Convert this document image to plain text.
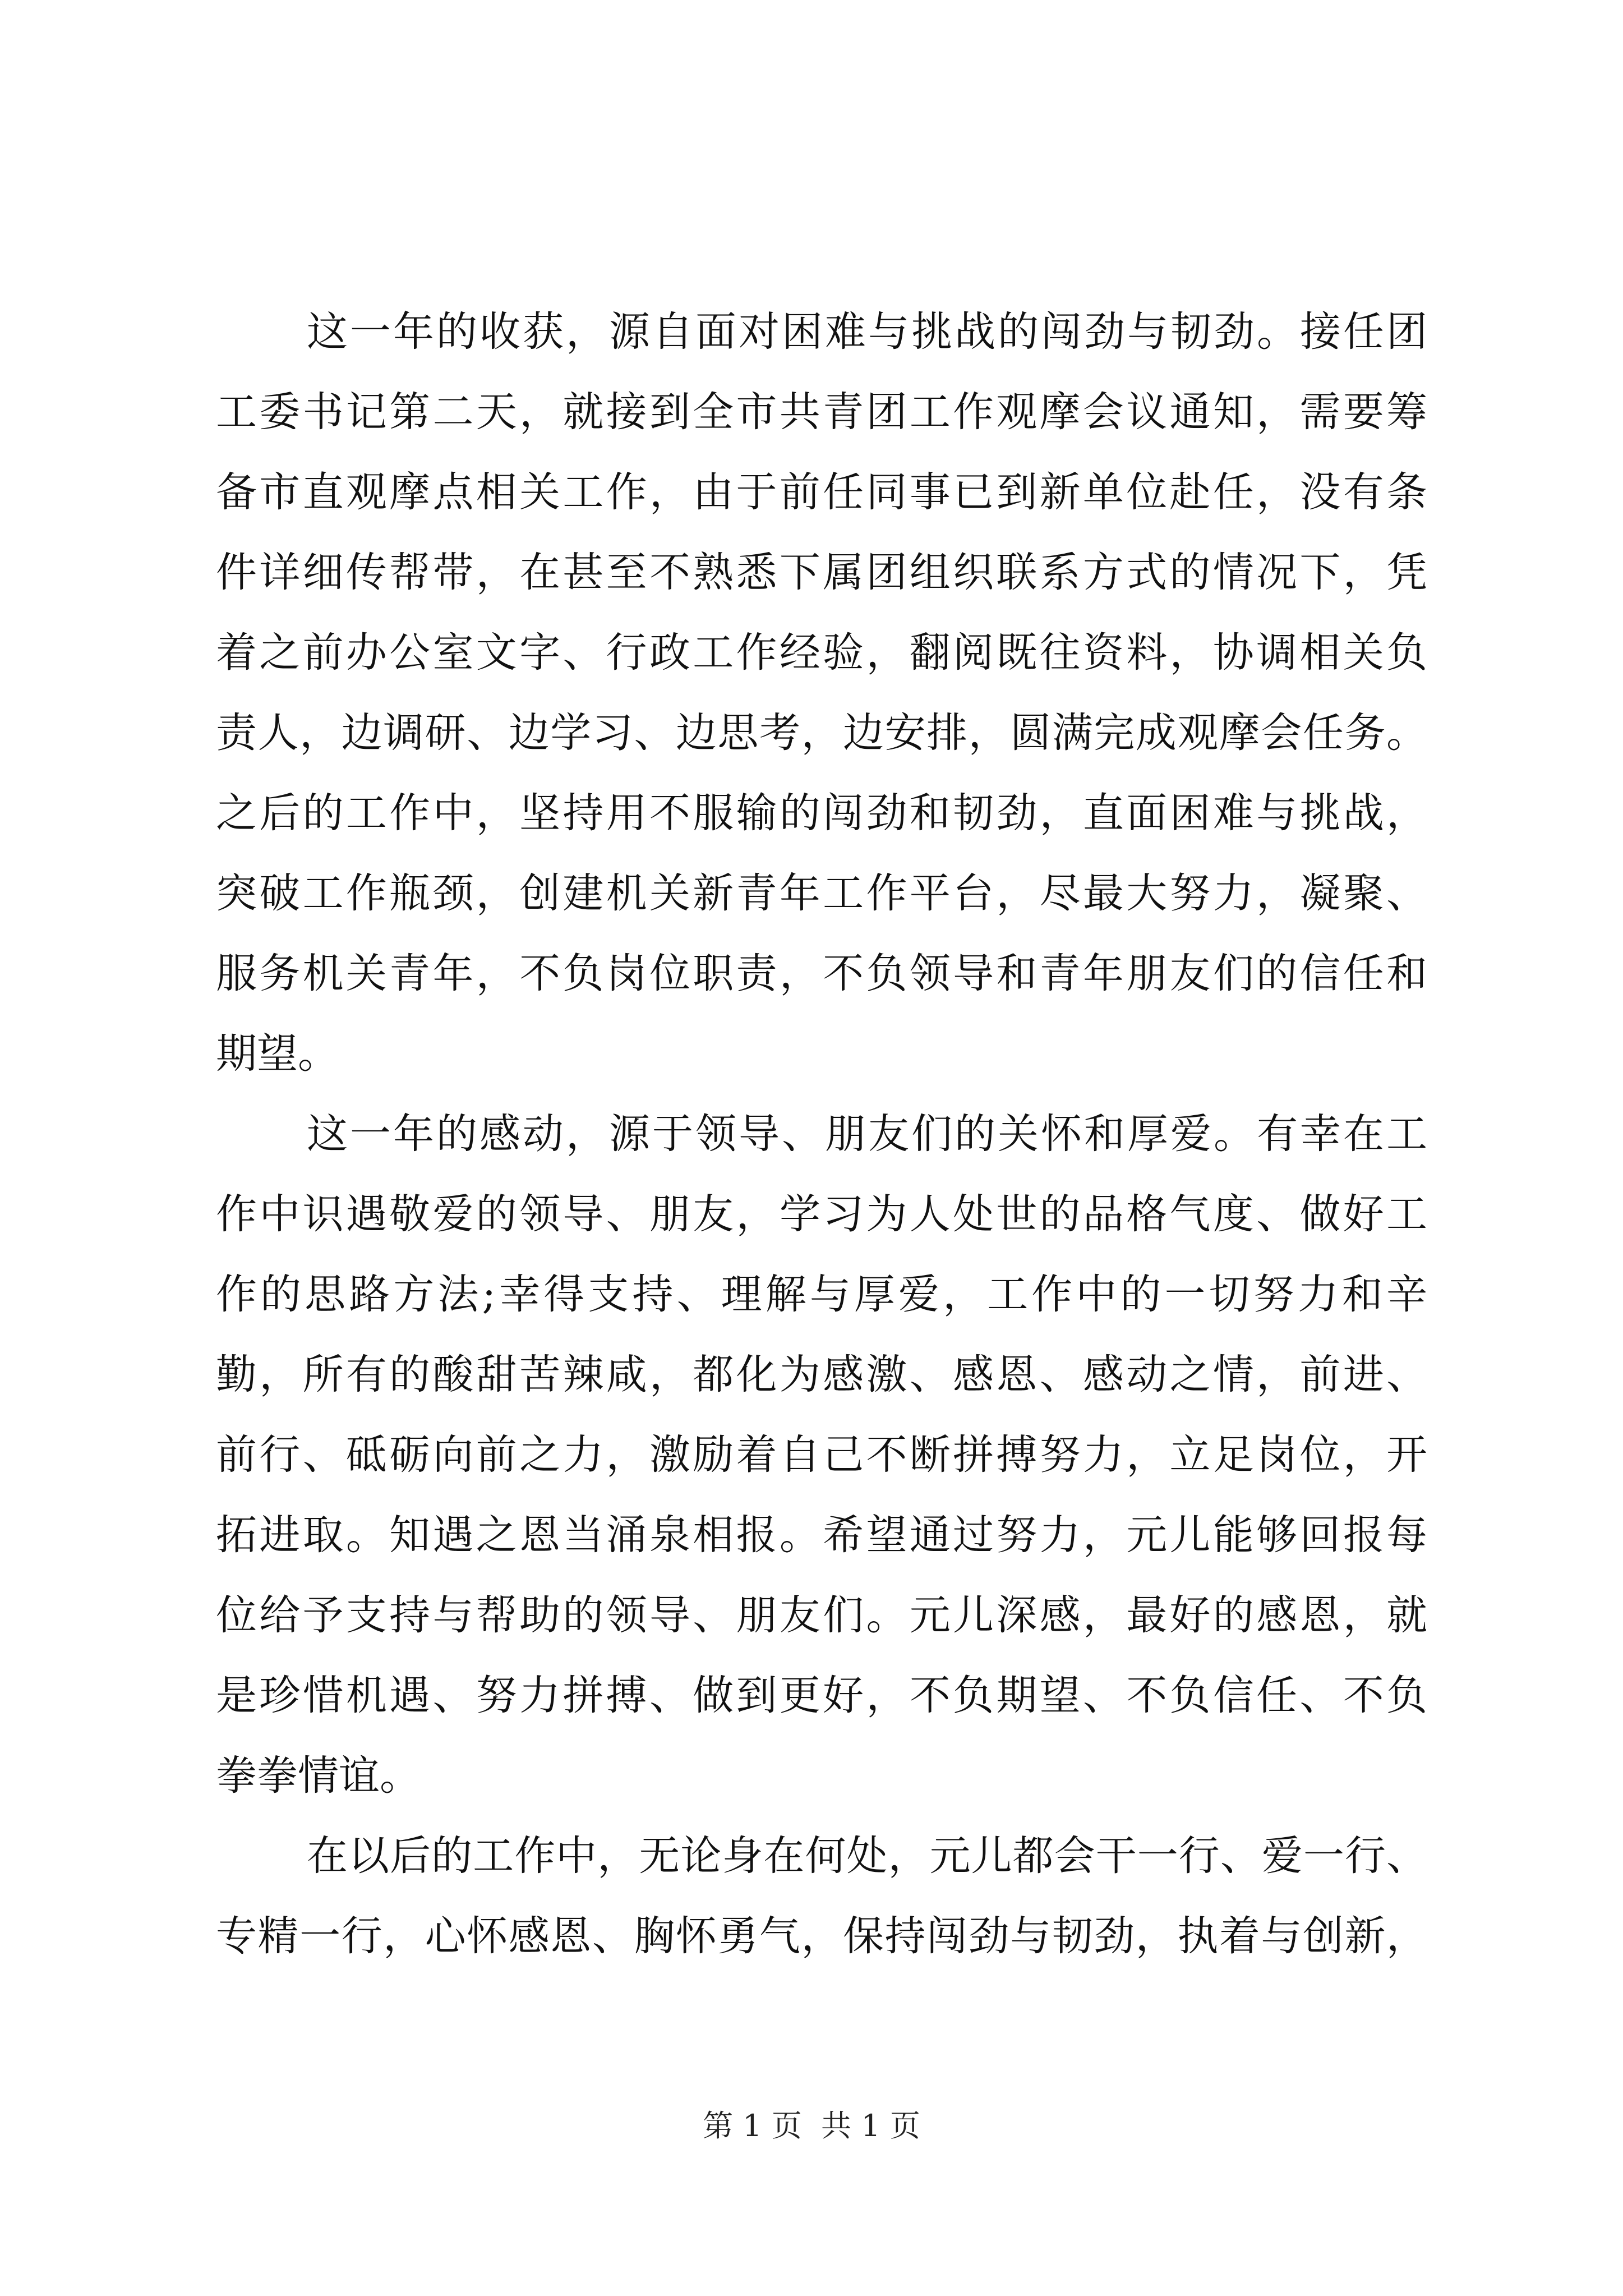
这一年的收获，源自面对困难与挑战的闯劲与韧劲。接任团
工委书记第二天，就接到全市共青团工作观摩会议通知，需要筹
备市直观摩点相关工作，由于前任同事已到新单位赴任，没有条
件详细传帮带，在甚至不熟悉下属团组织联系方式的情况下，凭
着之前办公室文字、行政工作经验，翻阅既往资料，协调相关负
责人，边调研、边学习、边思考，边安排，圆满完成观摩会任务。
之后的工作中，坚持用不服输的闯劲和韧劲，直面困难与挑战，
突破工作瓶颈，创建机关新青年工作平台，尽最大努力，凝聚、
服务机关青年，不负岗位职责，不负领导和青年朋友们的信任和
期望。
这一年的感动，源于领导、朋友们的关怀和厚爱。有幸在工
作中识遇敬爱的领导、朋友，学习为人处世的品格气度、做好工
作的思路方法;幸得支持、理解与厚爱，工作中的一切努力和辛
勤，所有的酸甜苦辣咸，都化为感激、感恩、感动之情，前进、
前行、砥砺向前之力，激励着自己不断拼搏努力，立足岗位，开
拓进取。知遇之恩当涌泉相报。希望通过努力，元儿能够回报每
位给予支持与帮助的领导、朋友们。元儿深感，最好的感恩，就
是珍惜机遇、努力拼搏、做到更好，不负期望、不负信任、不负
拳拳情谊。
在以后的工作中，无论身在何处，元儿都会干一行、爱一行、
专精一行，心怀感恩、胸怀勇气，保持闯劲与韧劲，执着与创新，
第 1 页  共 1 页
